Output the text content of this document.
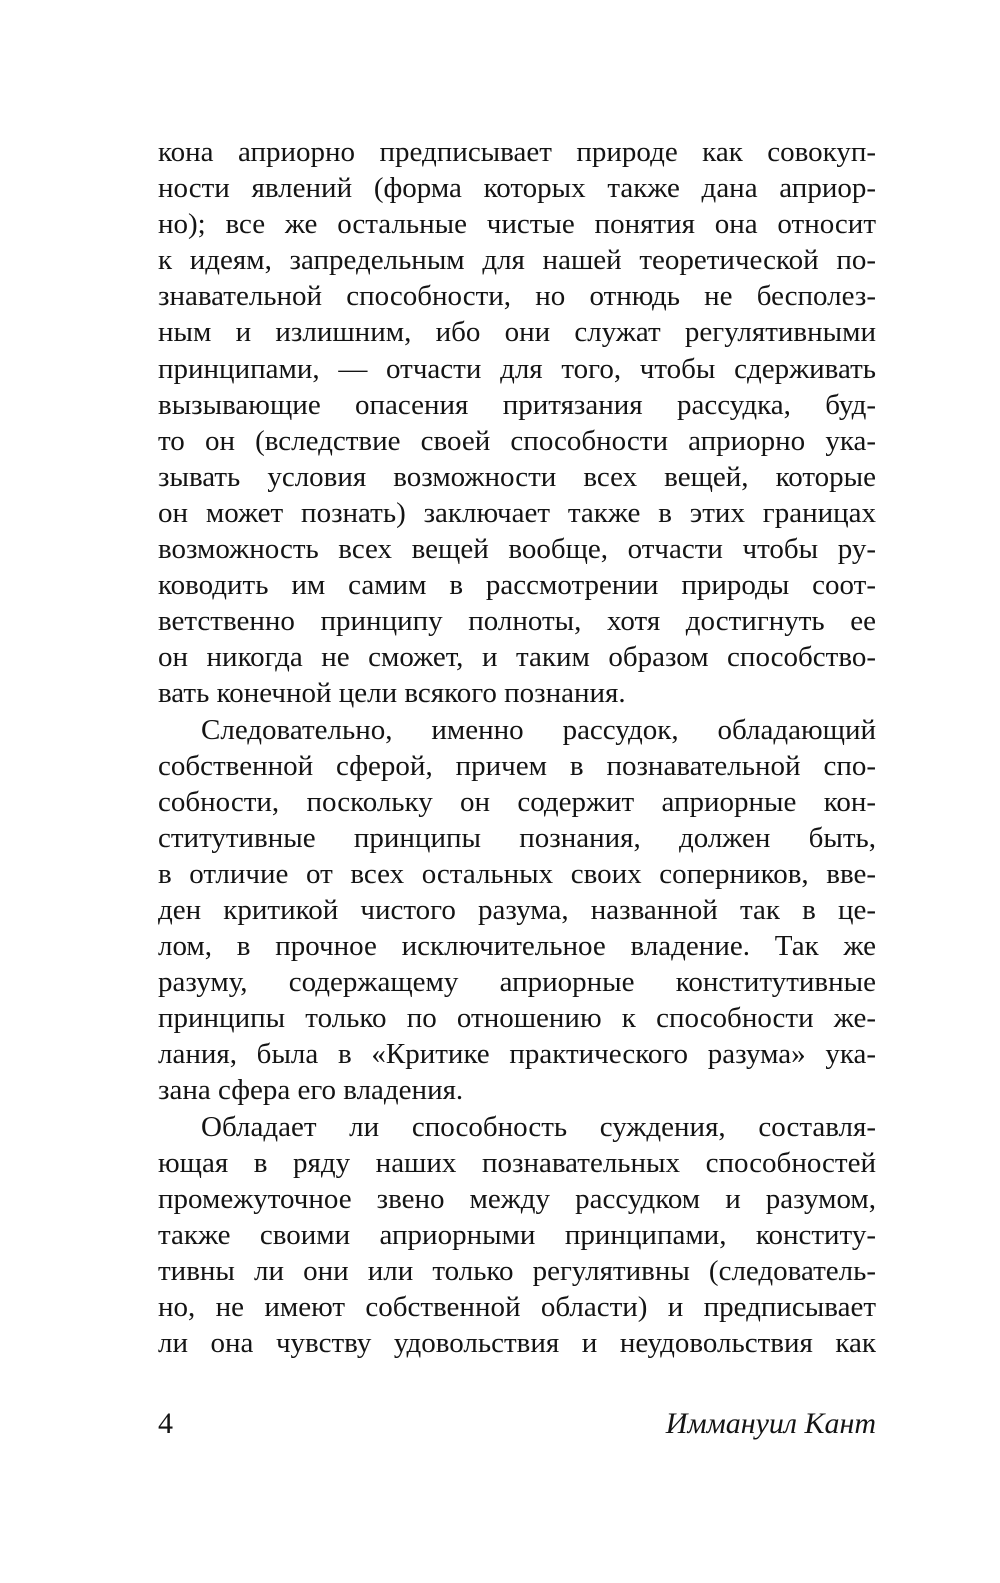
кона априорно предписывает природе как совокуп-
ности явлений (форма которых также дана априор-
но); все же остальные чистые понятия она относит
к идеям, запредельным для нашей теоретической по-
знавательной способности, но отнюдь не бесполез-
ным и излишним, ибо они служат регулятивными
принципами, — отчасти для того, чтобы сдерживать
вызывающие опасения притязания рассудка, буд-
то он (вследствие своей способности априорно ука-
зывать условия возможности всех вещей, которые
он может познать) заключает также в этих границах
возможность всех вещей вообще, отчасти чтобы ру-
ководить им самим в рассмотрении природы соот-
ветственно принципу полноты, хотя достигнуть ее
он никогда не сможет, и таким образом способство-
вать конечной цели всякого познания.
Следовательно, именно рассудок, обладающий
собственной сферой, причем в познавательной спо-
собности, поскольку он содержит априорные кон-
ститутивные принципы познания, должен быть,
в отличие от всех остальных своих соперников, вве-
ден критикой чистого разума, названной так в це-
лом, в прочное исключительное владение. Так же
разуму, содержащему априорные конститутивные
принципы только по отношению к способности же-
лания, была в «Критике практического разума» ука-
зана сфера его владения.
Обладает ли способность суждения, составля-
ющая в ряду наших познавательных способностей
промежуточное звено между рассудком и разумом,
также своими априорными принципами, конститу-
тивны ли они или только регулятивны (следователь-
но, не имеют собственной области) и предписывает
ли она чувству удовольствия и неудовольствия как
4	Иммануил Кант
